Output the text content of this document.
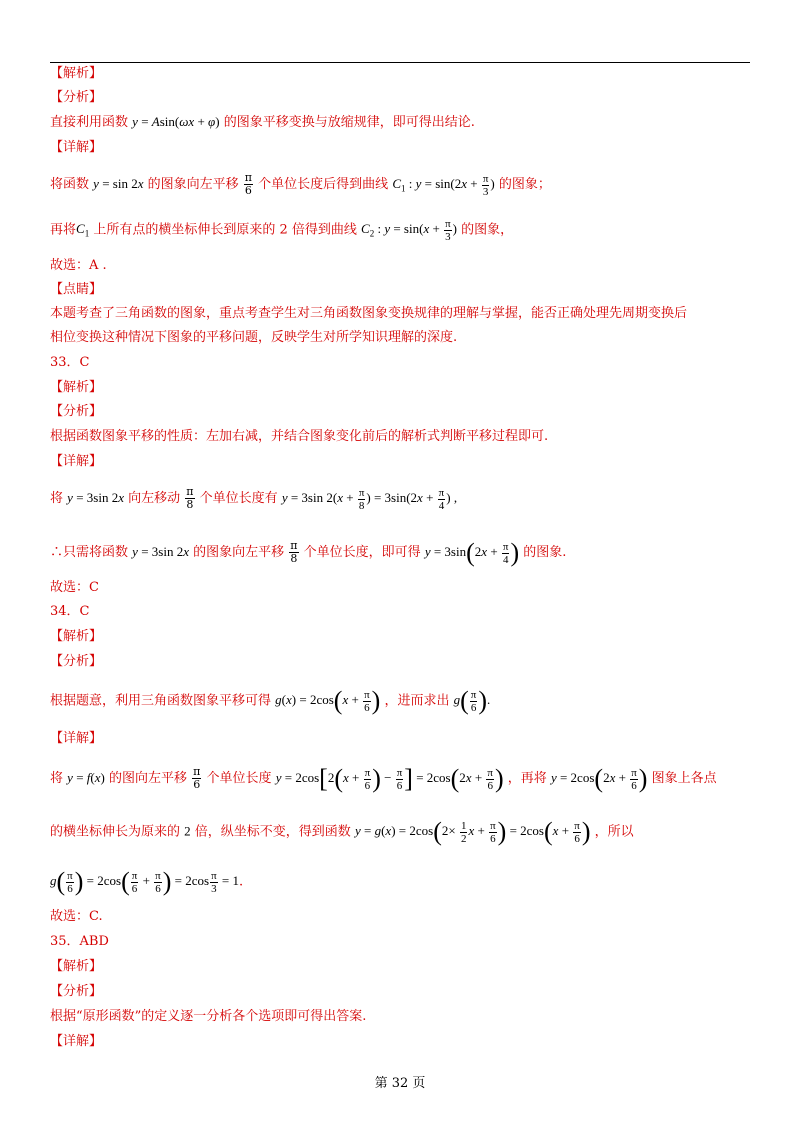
【解析】
【分析】
直接利用函数 y = Asin(ωx + φ) 的图象平移变换与放缩规律，即可得出结论.
【详解】
将函数 y = sin 2x 的图象向左平移 $\frac{\pi}{6}$ 个单位长度后得到曲线 $C_1$ : $y = \sin(2x + \frac{\pi}{3}$ ) 的图象；
再将$C_1$ 上所有点的横坐标伸长到原来的 2 倍得到曲线 $C_2$ : $y = \sin(x + \frac{\pi}{3}$ ) 的图象，
故选：A .
【点睛】
本题考查了三角函数的图象，重点考查学生对三角函数图象变换规律的理解与掌握，能否正确处理先周期变换后
相位变换这种情况下图象的平移问题，反映学生对所学知识理解的深度.
33．C
【解析】
【分析】
根据函数图象平移的性质：左加右减，并结合图象变化前后的解析式判断平移过程即可.
【详解】
将 y = 3sin 2x 向左移动 $\frac{\pi}{8}$ 个单位长度有 y = 3sin $2(x + \frac{\pi}{8}$ ) = $3\sin(2x + \frac{\pi}{4}$ ) ,
∴只需将函数 y = 3sin 2x 的图象向左平移 $\frac{\pi}{8}$ 个单位长度，即可得 $y = 3\sin(2x + \frac{\pi}{4}$ ) 的图象.
故选：C
34．C
【解析】
【分析】
根据题意，利用三角函数图象平移可得 $g(x) = 2\cos(x + \frac{\pi}{6}$ ) ，进而求出 $g( \frac{\pi}{6}$ ).
【详解】
将 y = f(x) 的图向左平移 $\frac{\pi}{6}$ 个单位长度 $y = 2\cos[2(x + \frac{\pi}{6}$ ) − $\frac{\pi}{6}$ ] = $2\cos(2x + \frac{\pi}{6}$ ) ，再将 $y = 2\cos(2x + \frac{\pi}{6}$ ) 图象上各点
的横坐标伸长为原来的 2 倍，纵坐标不变，得到函数 $y = g(x) = 2\cos(2\times \frac{1}{2}$ $x + \frac{\pi}{6}$ ) = $2\cos(x + \frac{\pi}{6}$ ) ，所以
$g( \frac{\pi}{6}$ ) = $2\cos( \frac{\pi}{6} + \frac{\pi}{6}$ ) = $2\cos \frac{\pi}{3} = 1$.
故选：C.
35．ABD
【解析】
【分析】
根据“原形函数”的定义逐一分析各个选项即可得出答案.
【详解】
第 32 页
